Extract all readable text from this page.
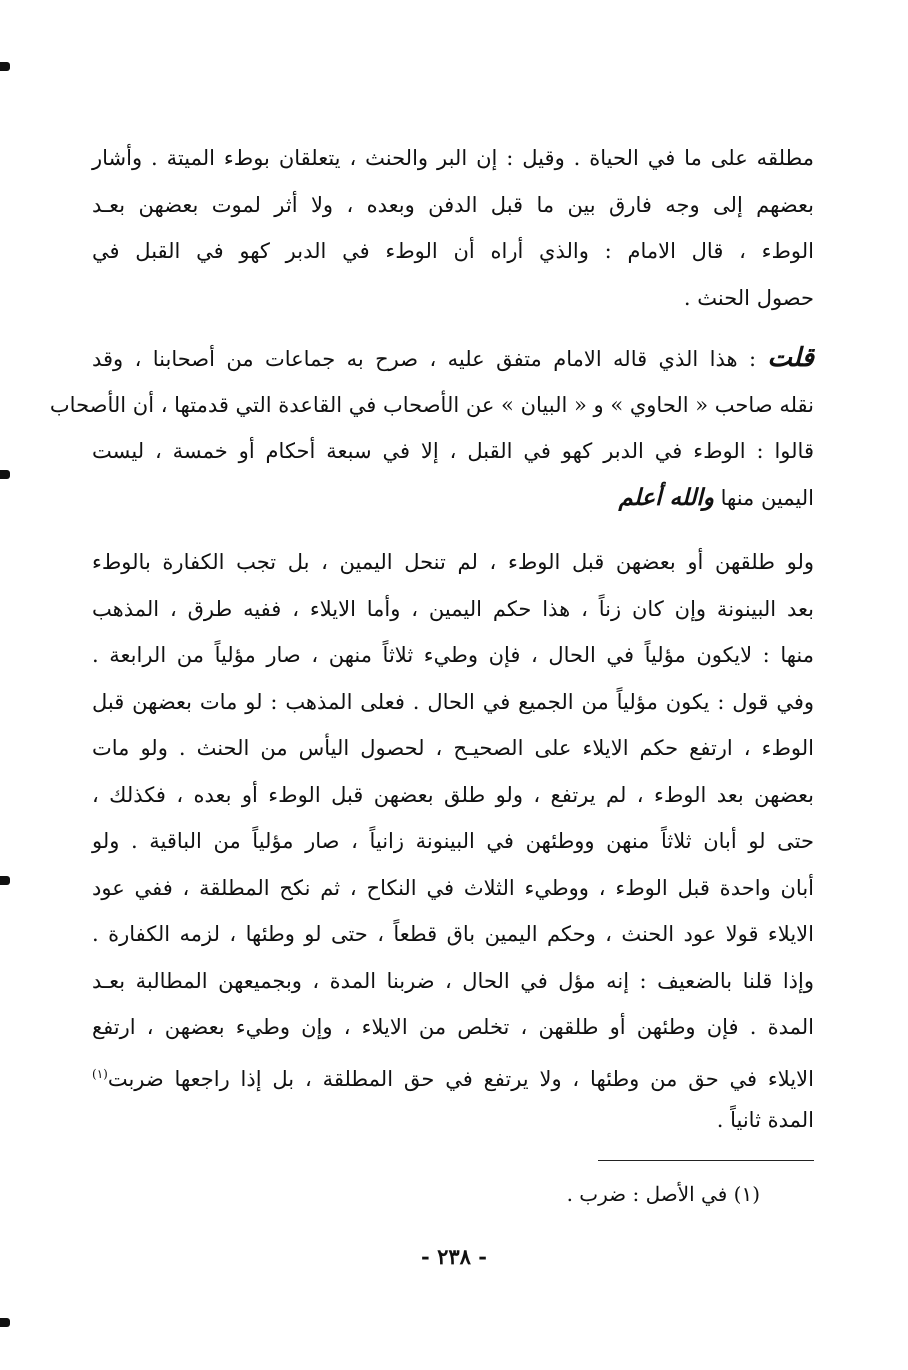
مطلقه على ما في الحياة . وقيل : إن البر والحنث ، يتعلقان بوطء الميتة . وأشار
بعضهم إلى وجه فارق بين ما قبل الدفن وبعده ، ولا أثر لموت بعضهن بعـد
الوطء ، قال الامام : والذي أراه أن الوطء في الدبر كهو في القبل في
حصول الحنث .
قلت : هذا الذي قاله الامام متفق عليه ، صرح به جماعات من أصحابنا ، وقد
نقله صاحب « الحاوي » و « البيان » عن الأصحاب في القاعدة التي قدمتها ، أن الأصحاب
قالوا : الوطء في الدبر كهو في القبل ، إلا في سبعة أحكام أو خمسة ، ليست
اليمين منها والله أعلم
ولو طلقهن أو بعضهن قبل الوطء ، لم تنحل اليمين ، بل تجب الكفارة بالوطء
بعد البينونة وإن كان زناً ، هذا حكم اليمين ، وأما الايلاء ، ففيه طرق ، المذهب
منها : لايكون مؤلياً في الحال ، فإن وطيء ثلاثاً منهن ، صار مؤلياً من الرابعة .
وفي قول : يكون مؤلياً من الجميع في الحال . فعلى المذهب : لو مات بعضهن قبل
الوطء ، ارتفع حكم الايلاء على الصحيـح ، لحصول اليأس من الحنث . ولو مات
بعضهن بعد الوطء ، لم يرتفع ، ولو طلق بعضهن قبل الوطء أو بعده ، فكذلك ،
حتى لو أبان ثلاثاً منهن ووطئهن في البينونة زانياً ، صار مؤلياً من الباقية . ولو
أبان واحدة قبل الوطء ، ووطيء الثلاث في النكاح ، ثم نكح المطلقة ، ففي عود
الايلاء قولا عود الحنث ، وحكم اليمين باق قطعاً ، حتى لو وطئها ، لزمه الكفارة .
وإذا قلنا بالضعيف : إنه مؤل في الحال ، ضربنا المدة ، وبجميعهن المطالبة بعـد
المدة . فإن وطئهن أو طلقهن ، تخلص من الايلاء ، وإن وطيء بعضهن ، ارتفع
الايلاء في حق من وطئها ، ولا يرتفع في حق المطلقة ، بل إذا راجعها ضربت$^{(١)}$
المدة ثانياً .
(١) في الأصل : ضرب .
- ٢٣٨ -
